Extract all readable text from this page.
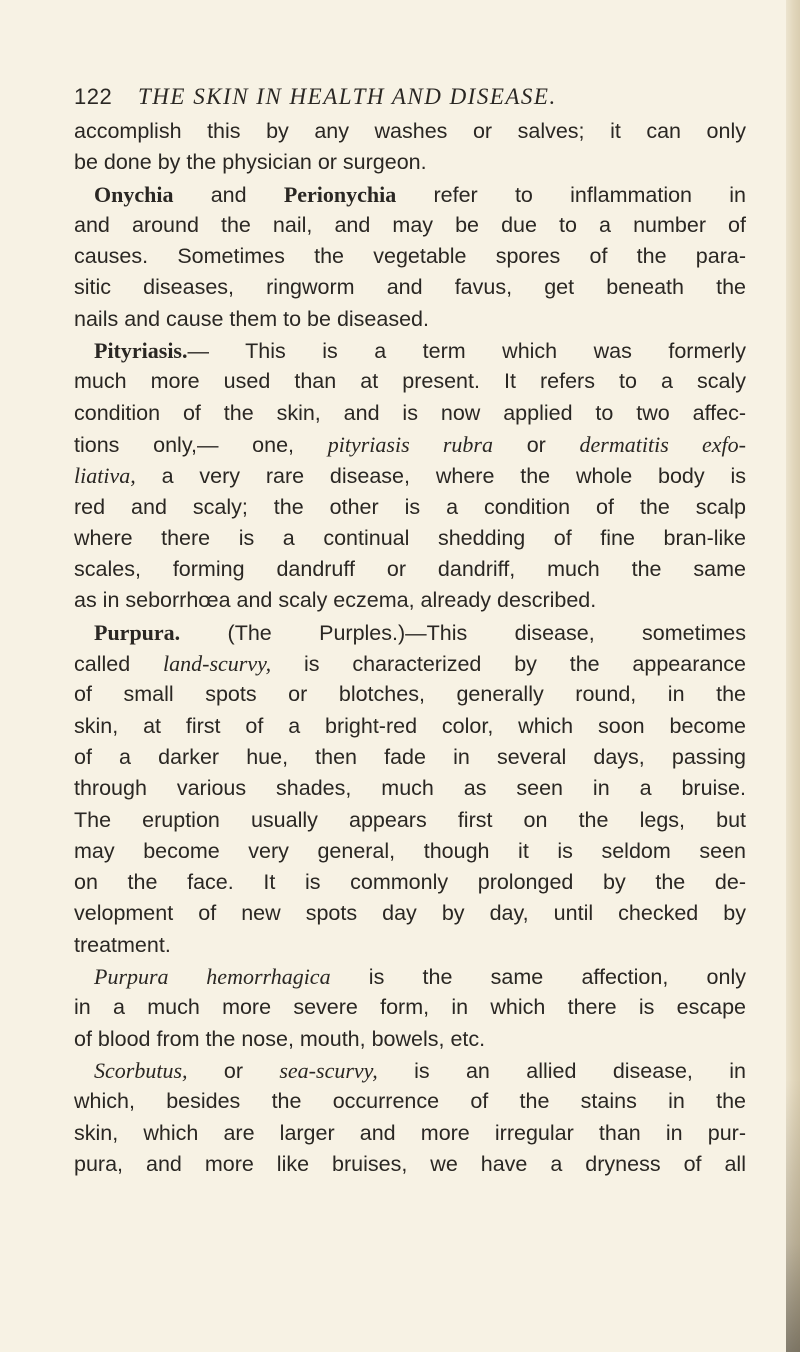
122	THE SKIN IN HEALTH AND DISEASE.
accomplish this by any washes or salves; it can only
be done by the physician or surgeon.
Onychia and Perionychia refer to inflammation in
and around the nail, and may be due to a number of
causes. Sometimes the vegetable spores of the para-
sitic diseases, ringworm and favus, get beneath the
nails and cause them to be diseased.
Pityriasis.— This is a term which was formerly
much more used than at present. It refers to a scaly
condition of the skin, and is now applied to two affec-
tions only,— one, pityriasis rubra or dermatitis exfo-
liativa, a very rare disease, where the whole body is
red and scaly; the other is a condition of the scalp
where there is a continual shedding of fine bran-like
scales, forming dandruff or dandriff, much the same
as in seborrhœa and scaly eczema, already described.
Purpura. (The Purples.)—This disease, sometimes
called land-scurvy, is characterized by the appearance
of small spots or blotches, generally round, in the
skin, at first of a bright-red color, which soon become
of a darker hue, then fade in several days, passing
through various shades, much as seen in a bruise.
The eruption usually appears first on the legs, but
may become very general, though it is seldom seen
on the face. It is commonly prolonged by the de-
velopment of new spots day by day, until checked by
treatment.
Purpura hemorrhagica is the same affection, only
in a much more severe form, in which there is escape
of blood from the nose, mouth, bowels, etc.
Scorbutus, or sea-scurvy, is an allied disease, in
which, besides the occurrence of the stains in the
skin, which are larger and more irregular than in pur-
pura, and more like bruises, we have a dryness of all
